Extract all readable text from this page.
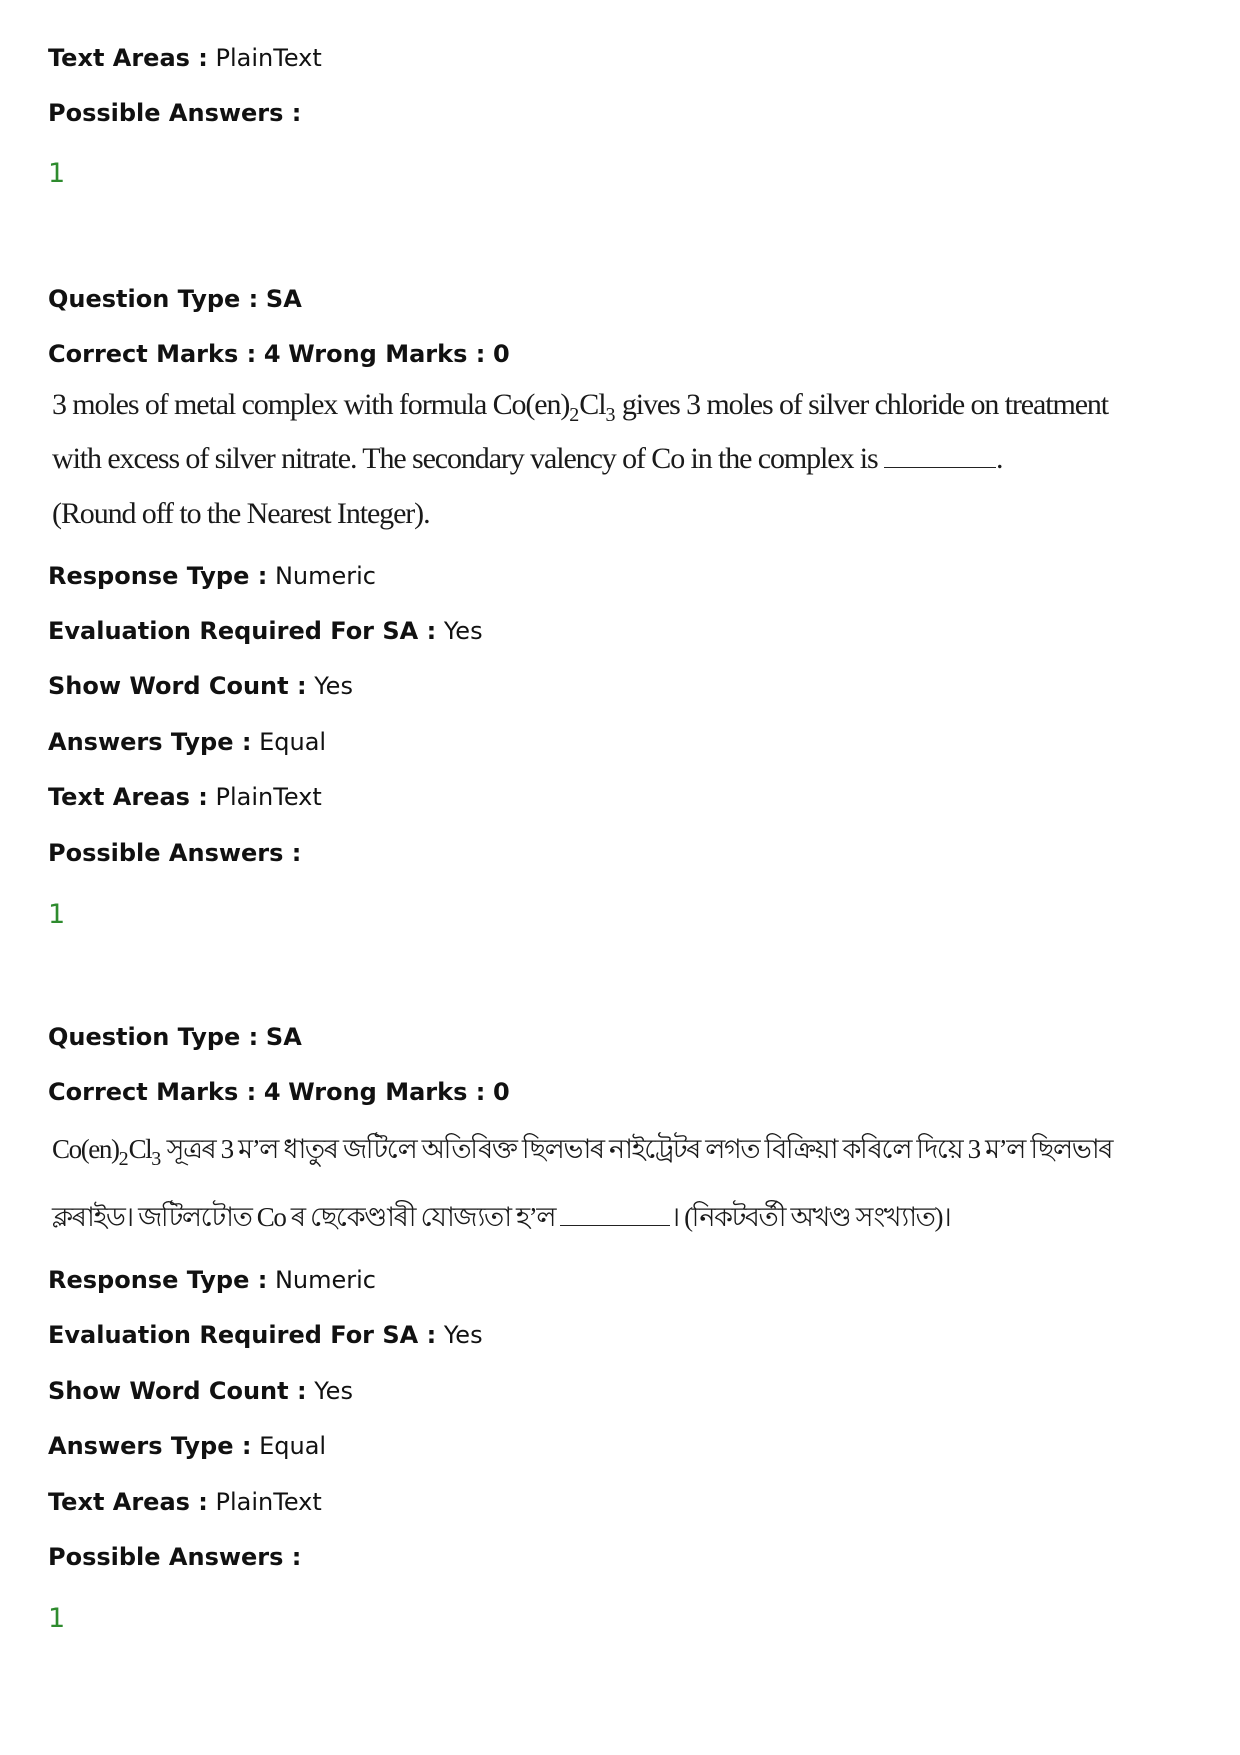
Text Areas : PlainText
Possible Answers :
1
Question Type : SA
Correct Marks : 4 Wrong Marks : 0
3 moles of metal complex with formula $Co(en)_2Cl_3$ gives 3 moles of silver chloride on treatment
with excess of silver nitrate. The secondary valency of Co in the complex is	.
(Round off to the Nearest Integer).
Response Type : Numeric
Evaluation Required For SA : Yes
Show Word Count : Yes
Answers Type : Equal
Text Areas : PlainText
Possible Answers :
1
Question Type : SA
Correct Marks : 4 Wrong Marks : 0
$Co(en)_2Cl_3$ সূত্ৰৰ 3 ম’ল ধাতুৰ জটিলে অতিৰিক্ত ছিলভাৰ নাইট্ৰেটৰ লগত বিক্ৰিয়া কৰিলে দিয়ে 3 ম’ল ছিলভাৰ
ক্লৰাইড। জটিলটোত Co ৰ ছেকেণ্ডাৰী যোজ্যতা হ’ল	। (নিকটবৰ্তী অখণ্ড সংখ্যাত)।
Response Type : Numeric
Evaluation Required For SA : Yes
Show Word Count : Yes
Answers Type : Equal
Text Areas : PlainText
Possible Answers :
1
